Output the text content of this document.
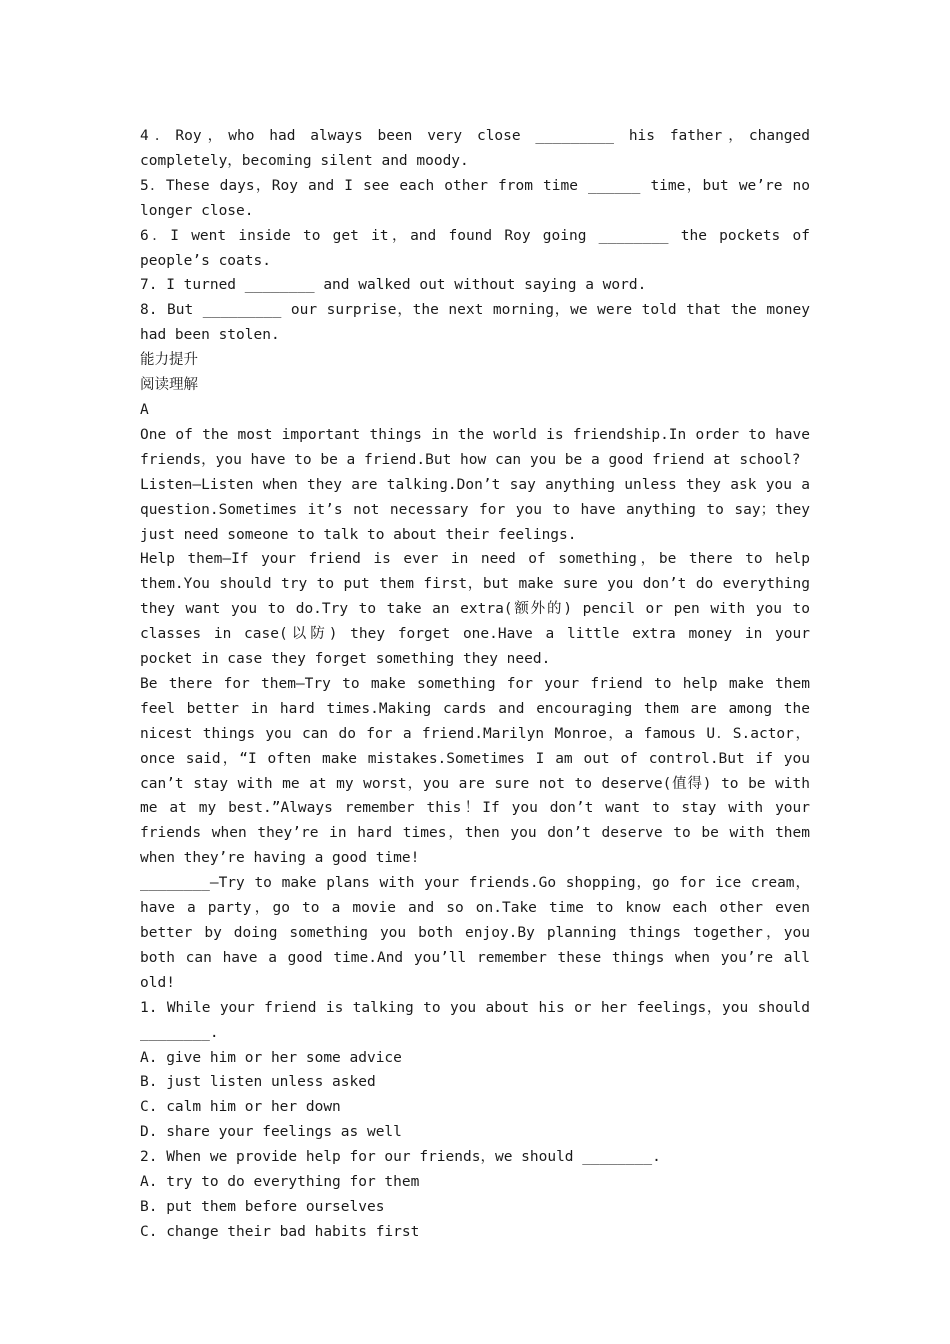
4．Roy，who had always been very close _________ his father，changed completely，becoming silent and moody.

5．These days，Roy and I see each other from time ______ time，but we’re no longer close.

6．I went inside to get it，and found Roy going ________ the pockets of people’s coats.

7. I turned ________ and walked out without saying a word.

8. But _________ our surprise，the next morning，we were told that the money had been stolen.

能力提升

阅读理解

A

One of the most important things in the world is friendship.In order to have friends，you have to be a friend.But how can you be a good friend at school?

Listen—Listen when they are talking.Don’t say anything unless they ask you a question.Sometimes it’s not necessary for you to have anything to say；they just need someone to talk to about their feelings.

Help them—If your friend is ever in need of something，be there to help them.You should try to put them first，but make sure you don’t do everything they want you to do.Try to take an extra(额外的) pencil or pen with you to classes in case(以防) they forget one.Have a little extra money in your pocket in case they forget something they need.

Be there for them—Try to make something for your friend to help make them feel better in hard times.Making cards and encouraging them are among the nicest things you can do for a friend.Marilyn Monroe，a famous U．S.actor，once said，“I often make mistakes.Sometimes I am out of control.But if you can’t stay with me at my worst，you are sure not to deserve(值得) to be with me at my best.”Always remember this！If you don’t want to stay with your friends when they’re in hard times，then you don’t deserve to be with them when they’re having a good time!

________—Try to make plans with your friends.Go shopping，go for ice cream，have a party，go to a movie and so on.Take time to know each other even better by doing something you both enjoy.By planning things together，you both can have a good time.And you’ll remember these things when you’re all old!

1. While your friend is talking to you about his or her feelings，you should ________.

A. give him or her some advice

B. just listen unless asked

C. calm him or her down

D. share your feelings as well

2. When we provide help for our friends，we should ________.

A. try to do everything for them

B. put them before ourselves

C. change their bad habits first
